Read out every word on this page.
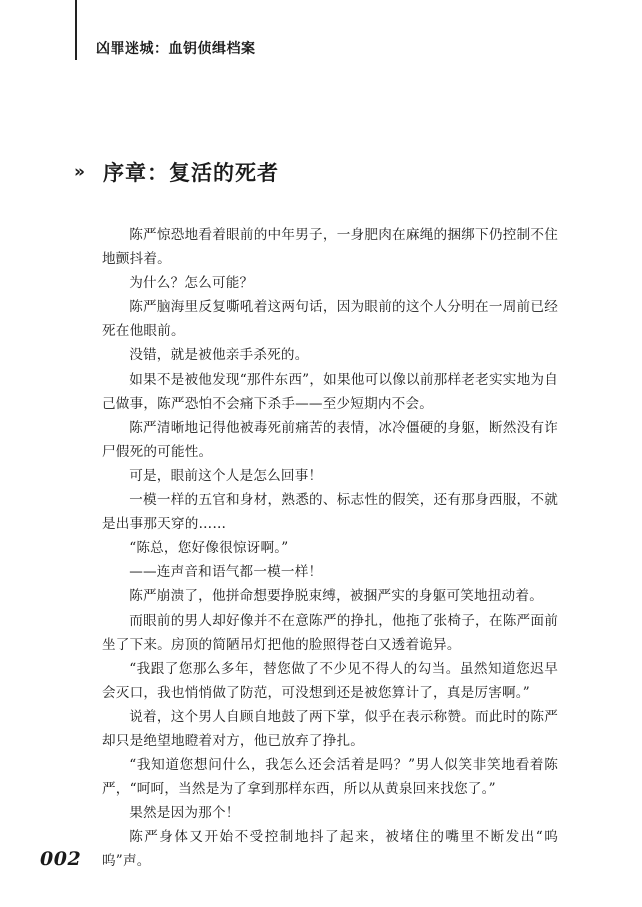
凶罪迷城：血钥侦缉档案
» 序章：复活的死者

陈严惊恐地看着眼前的中年男子，一身肥肉在麻绳的捆绑下仍控制不住地颤抖着。

为什么？怎么可能？

陈严脑海里反复嘶吼着这两句话，因为眼前的这个人分明在一周前已经死在他眼前。

没错，就是被他亲手杀死的。

如果不是被他发现“那件东西”，如果他可以像以前那样老老实实地为自己做事，陈严恐怕不会痛下杀手——至少短期内不会。

陈严清晰地记得他被毒死前痛苦的表情，冰冷僵硬的身躯，断然没有诈尸假死的可能性。

可是，眼前这个人是怎么回事！

一模一样的五官和身材，熟悉的、标志性的假笑，还有那身西服，不就是出事那天穿的……

“陈总，您好像很惊讶啊。”

——连声音和语气都一模一样！

陈严崩溃了，他拼命想要挣脱束缚，被捆严实的身躯可笑地扭动着。

而眼前的男人却好像并不在意陈严的挣扎，他拖了张椅子，在陈严面前坐了下来。房顶的简陋吊灯把他的脸照得苍白又透着诡异。

“我跟了您那么多年，替您做了不少见不得人的勾当。虽然知道您迟早会灭口，我也悄悄做了防范，可没想到还是被您算计了，真是厉害啊。”

说着，这个男人自顾自地鼓了两下掌，似乎在表示称赞。而此时的陈严却只是绝望地瞪着对方，他已放弃了挣扎。

“我知道您想问什么，我怎么还会活着是吗？”男人似笑非笑地看着陈严，“呵呵，当然是为了拿到那样东西，所以从黄泉回来找您了。”

果然是因为那个！

陈严身体又开始不受控制地抖了起来，被堵住的嘴里不断发出“呜呜”声。

002
